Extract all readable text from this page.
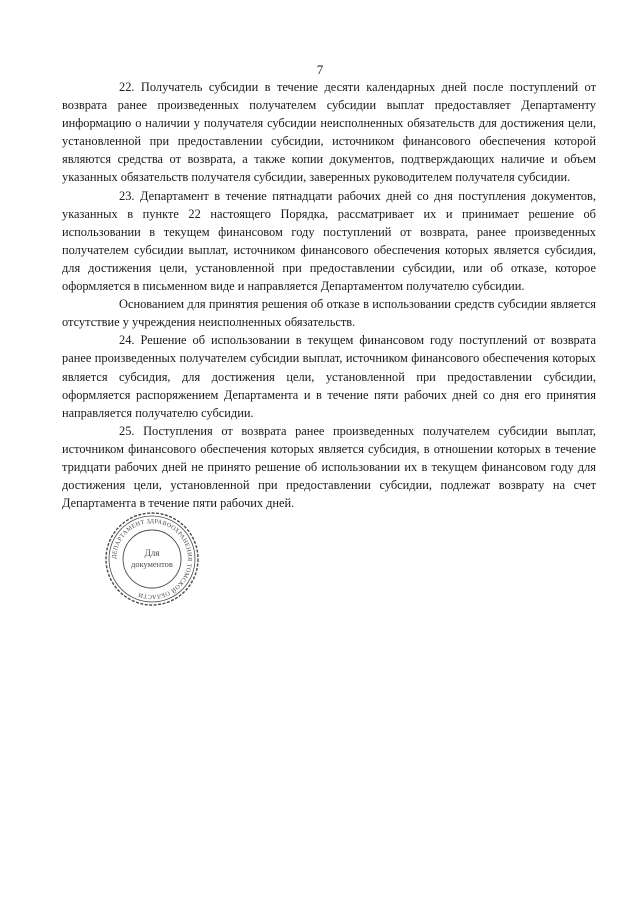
7

22. Получатель субсидии в течение десяти календарных дней после поступлений от возврата ранее произведенных получателем субсидии выплат предоставляет Департаменту информацию о наличии у получателя субсидии неисполненных обязательств для достижения цели, установленной при предоставлении субсидии, источником финансового обеспечения которой являются средства от возврата, а также копии документов, подтверждающих наличие и объем указанных обязательств получателя субсидии, заверенных руководителем получателя субсидии.

23. Департамент в течение пятнадцати рабочих дней со дня поступления документов, указанных в пункте 22 настоящего Порядка, рассматривает их и принимает решение об использовании в текущем финансовом году поступлений от возврата, ранее произведенных получателем субсидии выплат, источником финансового обеспечения которых является субсидия, для достижения цели, установленной при предоставлении субсидии, или об отказе, которое оформляется в письменном виде и направляется Департаментом получателю субсидии.

Основанием для принятия решения об отказе в использовании средств субсидии является отсутствие у учреждения неисполненных обязательств.

24. Решение об использовании в текущем финансовом году поступлений от возврата ранее произведенных получателем субсидии выплат, источником финансового обеспечения которых является субсидия, для достижения цели, установленной при предоставлении субсидии, оформляется распоряжением Департамента и в течение пяти рабочих дней со дня его принятия направляется получателю субсидии.

25. Поступления от возврата ранее произведенных получателем субсидии выплат, источником финансового обеспечения которых является субсидия, в отношении которых в течение тридцати рабочих дней не принято решение об использовании их в текущем финансовом году для достижения цели, установленной при предоставлении субсидии, подлежат возврату на счет Департамента в течение пяти рабочих дней.

ДЕПАРТАМЕНТ ЗДРАВООХРАНЕНИЯ ТОМСКОЙ ОБЛАСТИ
Для
документов
